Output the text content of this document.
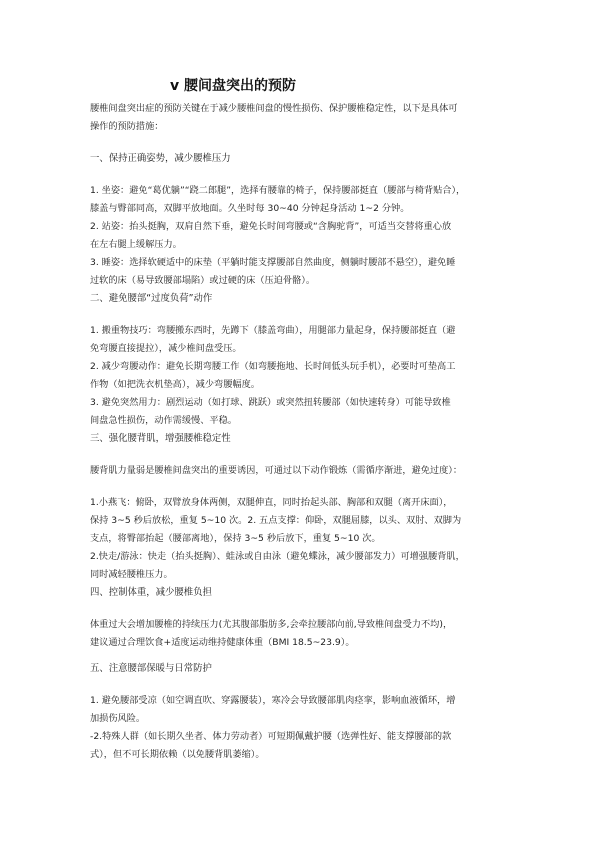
v 腰间盘突出的预防

腰椎间盘突出症的预防关键在于减少腰椎间盘的慢性损伤、保护腰椎稳定性，以下是具体可
操作的预防措施：

一、保持正确姿势，减少腰椎压力

1. 坐姿：避免“葛优躺”“跷二郎腿”，选择有腰靠的椅子，保持腰部挺直（腰部与椅背贴合），
膝盖与臀部同高，双脚平放地面。久坐时每 30~40 分钟起身活动 1~2 分钟。

2. 站姿：抬头挺胸，双肩自然下垂，避免长时间弯腰或“含胸驼背”，可适当交替将重心放
在左右腿上缓解压力。

3. 睡姿：选择软硬适中的床垫（平躺时能支撑腰部自然曲度，侧躺时腰部不悬空），避免睡
过软的床（易导致腰部塌陷）或过硬的床（压迫骨骼）。

二、避免腰部“过度负荷”动作

1. 搬重物技巧：弯腰搬东西时，先蹲下（膝盖弯曲），用腿部力量起身，保持腰部挺直（避
免弯腰直接提拉），减少椎间盘受压。

2. 减少弯腰动作：避免长期弯腰工作（如弯腰拖地、长时间低头玩手机），必要时可垫高工
作物（如把洗衣机垫高），减少弯腰幅度。

3. 避免突然用力：剧烈运动（如打球、跳跃）或突然扭转腰部（如快速转身）可能导致椎
间盘急性损伤，动作需缓慢、平稳。

三、强化腰背肌，增强腰椎稳定性

腰背肌力量弱是腰椎间盘突出的重要诱因，可通过以下动作锻炼（需循序渐进，避免过度）：

1.小燕飞：俯卧，双臂放身体两侧，双腿伸直，同时抬起头部、胸部和双腿（离开床面），
保持 3~5 秒后放松，重复 5~10 次。2. 五点支撑：仰卧，双腿屈膝，以头、双肘、双脚为
支点，将臀部抬起（腰部离地），保持 3~5 秒后放下，重复 5~10 次。

2.快走/游泳：快走（抬头挺胸）、蛙泳或自由泳（避免蝶泳，减少腰部发力）可增强腰背肌，
同时减轻腰椎压力。

四、控制体重，减少腰椎负担

体重过大会增加腰椎的持续压力(尤其腹部脂肪多,会牵拉腰部向前,导致椎间盘受力不均)，
建议通过合理饮食+适度运动维持健康体重（BMI 18.5~23.9）。

五、注意腰部保暖与日常防护

1. 避免腰部受凉（如空调直吹、穿露腰装），寒冷会导致腰部肌肉痉挛，影响血液循环，增
加损伤风险。

-2.特殊人群（如长期久坐者、体力劳动者）可短期佩戴护腰（选弹性好、能支撑腰部的款
式），但不可长期依赖（以免腰背肌萎缩）。
